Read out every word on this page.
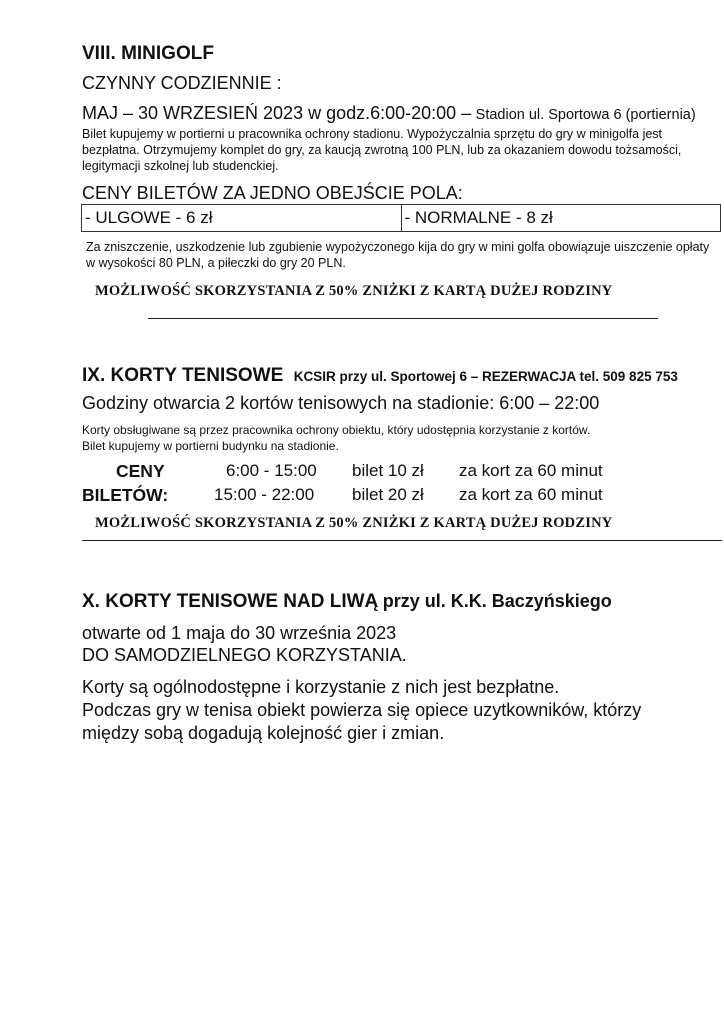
VIII. MINIGOLF
CZYNNY CODZIENNIE :
MAJ – 30 WRZESIEŃ 2023 w godz.6:00-20:00 – Stadion ul. Sportowa 6 (portiernia)
Bilet kupujemy w portierni u pracownika ochrony stadionu. Wypożyczalnia sprzętu do gry w minigolfa jest bezpłatna. Otrzymujemy komplet do gry, za kaucją zwrotną 100 PLN, lub za okazaniem dowodu tożsamości, legitymacji szkolnej lub studenckiej.
CENY BILETÓW ZA JEDNO OBEJŚCIE POLA:
- ULGOWE - 6 zł	- NORMALNE - 8 zł
Za zniszczenie, uszkodzenie lub zgubienie wypożyczonego kija do gry w mini golfa obowiązuje uiszczenie opłaty w wysokości 80 PLN, a piłeczki do gry 20 PLN.
MOŻLIWOŚĆ SKORZYSTANIA Z 50% ZNIŻKI Z KARTĄ DUŻEJ RODZINY
IX. KORTY TENISOWE KCSIR przy ul. Sportowej 6 – REZERWACJA tel. 509 825 753
Godziny otwarcia 2 kortów tenisowych na stadionie: 6:00 – 22:00
Korty obsługiwane są przez pracownika ochrony obiektu, który udostępnia korzystanie z kortów.
Bilet kupujemy w portierni budynku na stadionie.
CENY
BILETÓW:
6:00 - 15:00 bilet 10 zł za kort za 60 minut
15:00 - 22:00 bilet 20 zł za kort za 60 minut
MOŻLIWOŚĆ SKORZYSTANIA Z 50% ZNIŻKI Z KARTĄ DUŻEJ RODZINY
X. KORTY TENISOWE NAD LIWĄ przy ul. K.K. Baczyńskiego
otwarte od 1 maja do 30 września 2023
DO SAMODZIELNEGO KORZYSTANIA.
Korty są ogólnodostępne i korzystanie z nich jest bezpłatne.
Podczas gry w tenisa obiekt powierza się opiece uzytkowników, którzy
między sobą dogadują kolejność gier i zmian.
